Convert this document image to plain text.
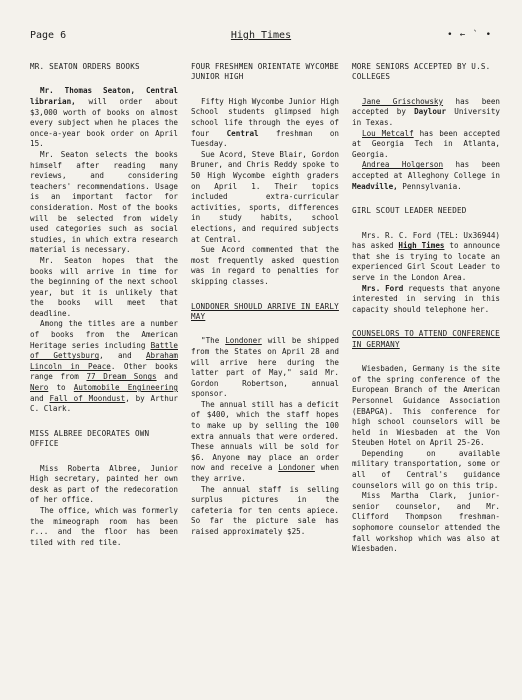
Page 6	High Times	• ← ` •
MR. SEATON ORDERS BOOKS

Mr. Thomas Seaton, Central librarian, will order about $3,000 worth of books on almost every subject when he places the once-a-year book order on April 15.

Mr. Seaton selects the books himself after reading many reviews, and considering teachers' recommendations. Usage is an important factor for consideration. Most of the books will be selected from widely used categories such as social studies, in which extra research material is necessary.

Mr. Seaton hopes that the books will arrive in time for the beginning of the next school year, but it is unlikely that the books will meet that deadline.

Among the titles are a number of books from the American Heritage series including Battle of Gettysburg, and Abraham Lincoln in Peace. Other books range from 77 Dream Songs and Nero to Automobile Engineering and Fall of Moondust, by Arthur C. Clark.

MISS ALBREE DECORATES OWN OFFICE

Miss Roberta Albree, Junior High secretary, painted her own desk as part of the redecoration of her office.

The office, which was formerly the mimeograph room has been r... and the floor has been tiled with red tile.

FOUR FRESHMEN ORIENTATE WYCOMBE JUNIOR HIGH

Fifty High Wycombe Junior High School students glimpsed high school life through the eyes of four Central freshman on Tuesday.

Sue Acord, Steve Blair, Gordon Bruner, and Chris Reddy spoke to 50 High Wycombe eighth graders on April 1. Their topics included extra-curricular activities, sports, differences in study habits, school elections, and required subjects at Central.

Sue Acord commented that the most frequently asked question was in regard to penalties for skipping classes.

LONDONER SHOULD ARRIVE IN EARLY MAY

"The Londoner will be shipped from the States on April 28 and will arrive here during the latter part of May," said Mr. Gordon Robertson, annual sponsor.

The annual still has a deficit of $400, which the staff hopes to make up by selling the 100 extra annuals that were ordered. These annuals will be sold for $6. Anyone may place an order now and receive a Londoner when they arrive.

The annual staff is selling surplus pictures in the cafeteria for ten cents apiece. So far the picture sale has raised approximately $25.

MORE SENIORS ACCEPTED BY U.S. COLLEGES

Jane Grischowsky has been accepted by Daylour University in Texas.

Lou Metcalf has been accepted at Georgia Tech in Atlanta, Georgia.

Andrea Holgerson has been accepted at Alleghony College in Meadville, Pennsylvania.

GIRL SCOUT LEADER NEEDED

Mrs. R. C. Ford (TEL: Ux36944) has asked High Times to announce that she is trying to locate an experienced Girl Scout Leader to serve in the London Area.

Mrs. Ford requests that anyone interested in serving in this capacity should telephone her.

COUNSELORS TO ATTEND CONFERENCE IN GERMANY

Wiesbaden, Germany is the site of the spring conference of the European Branch of the American Personnel Guidance Association (EBAPGA). This conference for high school counselors will be held in Wiesbaden at the Von Steuben Hotel on April 25-26.

Depending on available military transportation, some or all of Central's guidance counselors will go on this trip.

Miss Martha Clark, junior-senior counselor, and Mr. Clifford Thompson freshman-sophomore counselor attended the fall workshop which was also at Wiesbaden.
